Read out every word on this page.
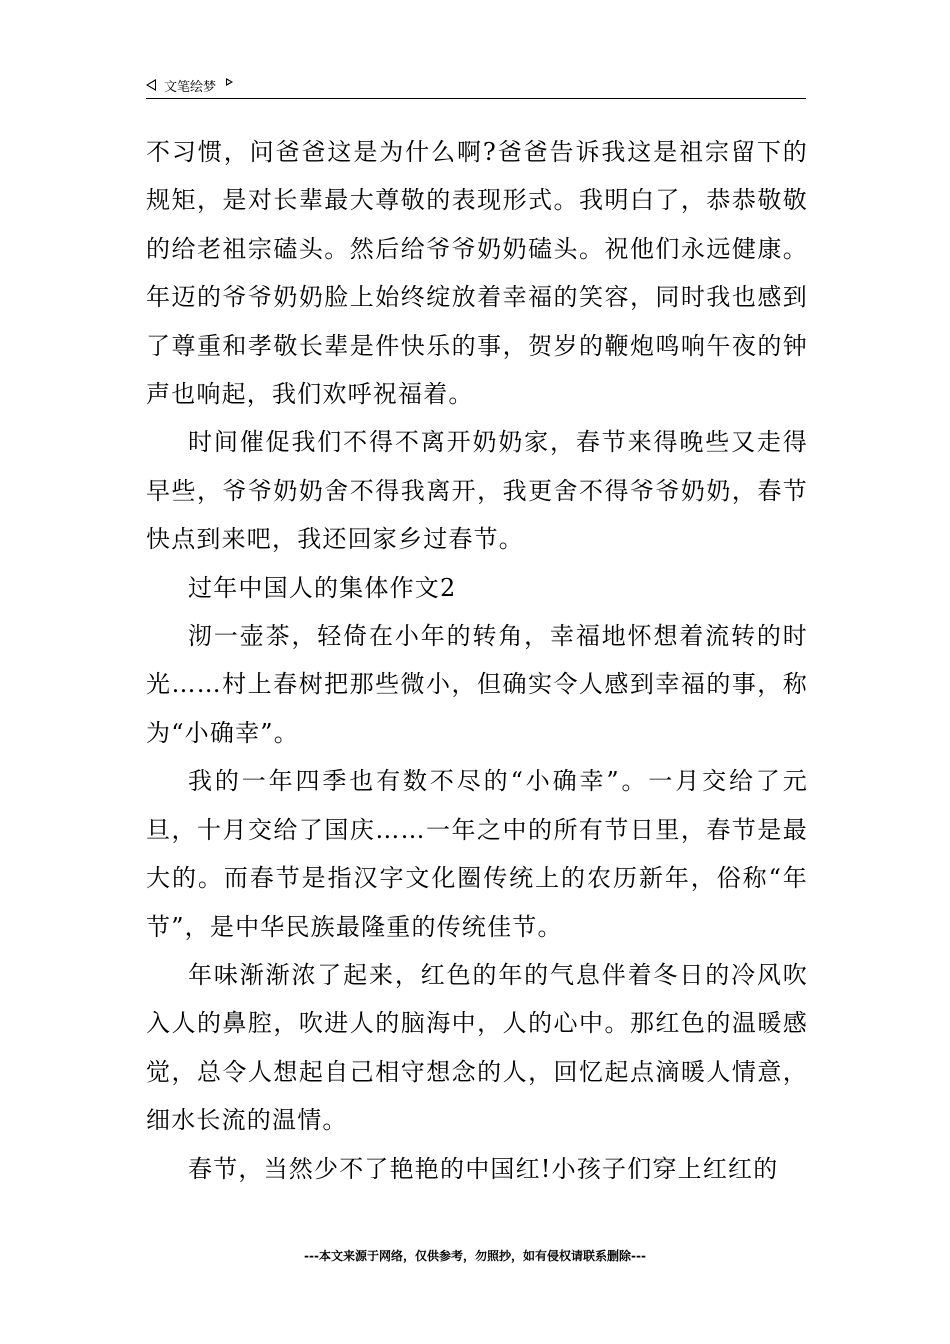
文笔绘梦

不习惯，问爸爸这是为什么啊?爸爸告诉我这是祖宗留下的规矩，是对长辈最大尊敬的表现形式。我明白了，恭恭敬敬的给老祖宗磕头。然后给爷爷奶奶磕头。祝他们永远健康。年迈的爷爷奶奶脸上始终绽放着幸福的笑容，同时我也感到了尊重和孝敬长辈是件快乐的事，贺岁的鞭炮鸣响午夜的钟声也响起，我们欢呼祝福着。

时间催促我们不得不离开奶奶家，春节来得晚些又走得早些，爷爷奶奶舍不得我离开，我更舍不得爷爷奶奶，春节快点到来吧，我还回家乡过春节。

过年中国人的集体作文2

沏一壶茶，轻倚在小年的转角，幸福地怀想着流转的时光……村上春树把那些微小，但确实令人感到幸福的事，称为“小确幸”。

我的一年四季也有数不尽的“小确幸”。一月交给了元旦，十月交给了国庆……一年之中的所有节日里，春节是最大的。而春节是指汉字文化圈传统上的农历新年，俗称“年节”，是中华民族最隆重的传统佳节。

年味渐渐浓了起来，红色的年的气息伴着冬日的冷风吹入人的鼻腔，吹进人的脑海中，人的心中。那红色的温暖感觉，总令人想起自己相守想念的人，回忆起点滴暖人情意，细水长流的温情。

春节，当然少不了艳艳的中国红!小孩子们穿上红红的

---本文来源于网络，仅供参考，勿照抄，如有侵权请联系删除---
